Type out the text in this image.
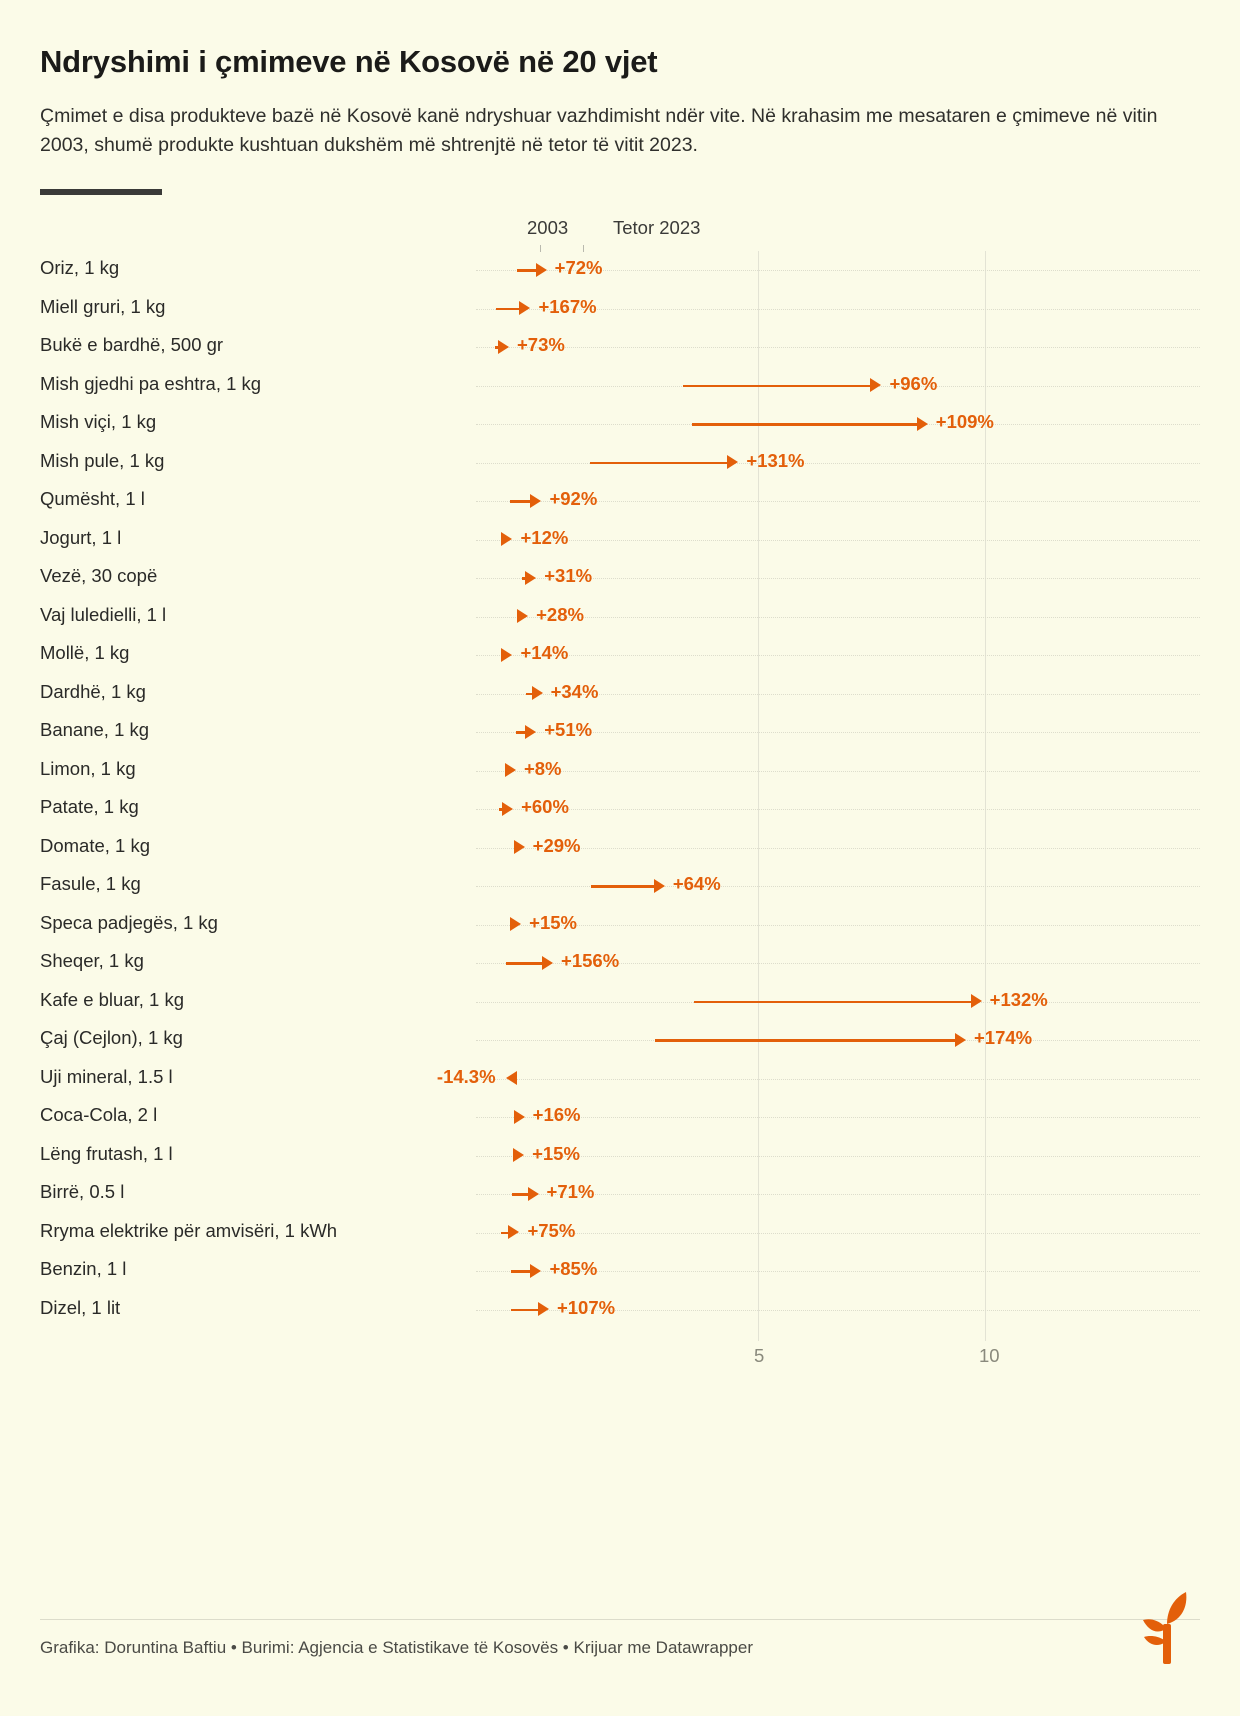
Ndryshimi i çmimeve në Kosovë në 20 vjet

Çmimet e disa produkteve bazë në Kosovë kanë ndryshuar vazhdimisht ndër vite. Në krahasim me mesataren e çmimeve në vitin 2003, shumë produkte kushtuan dukshëm më shtrenjtë në tetor të vitit 2023.

2003 Tetor 2023
Oriz, 1 kg	+72%
Miell gruri, 1 kg	+167%
Bukë e bardhë, 500 gr	+73%
Mish gjedhi pa eshtra, 1 kg	+96%
Mish viçi, 1 kg	+109%
Mish pule, 1 kg	+131%
Qumësht, 1 l	+92%
Jogurt, 1 l	+12%
Vezë, 30 copë	+31%
Vaj luledielli, 1 l	+28%
Mollë, 1 kg	+14%
Dardhë, 1 kg	+34%
Banane, 1 kg	+51%
Limon, 1 kg	+8%
Patate, 1 kg	+60%
Domate, 1 kg	+29%
Fasule, 1 kg	+64%
Speca padjegës, 1 kg	+15%
Sheqer, 1 kg	+156%
Kafe e bluar, 1 kg	+132%
Çaj (Cejlon), 1 kg	+174%
Uji mineral, 1.5 l	-14.3%
Coca-Cola, 2 l	+16%
Lëng frutash, 1 l	+15%
Birrë, 0.5 l	+71%
Rryma elektrike për amvisëri, 1 kWh	+75%
Benzin, 1 l	+85%
Dizel, 1 lit	+107%
5	10
Grafika: Doruntina Baftiu • Burimi: Agjencia e Statistikave të Kosovës • Krijuar me Datawrapper
